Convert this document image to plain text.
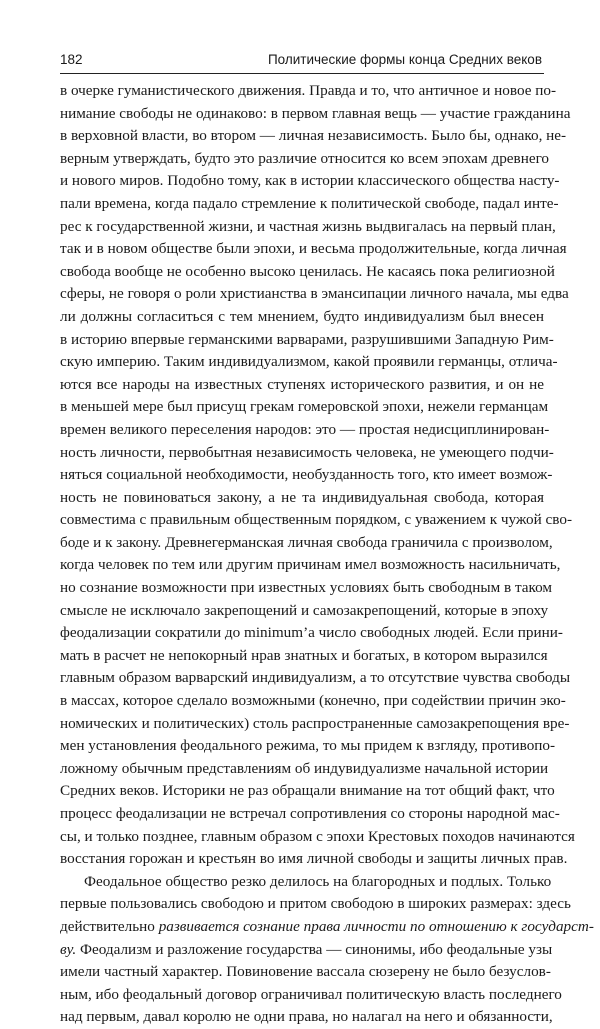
182	Политические формы конца Средних веков
в очерке гуманистического движения. Правда и то, что античное и новое по-
нимание свободы не одинаково: в первом главная вещь — участие гражданина
в верховной власти, во втором — личная независимость. Было бы, однако, не-
верным утверждать, будто это различие относится ко всем эпохам древнего
и нового миров. Подобно тому, как в истории классического общества насту-
пали времена, когда падало стремление к политической свободе, падал инте-
рес к государственной жизни, и частная жизнь выдвигалась на первый план,
так и в новом обществе были эпохи, и весьма продолжительные, когда личная
свобода вообще не особенно высоко ценилась. Не касаясь пока религиозной
сферы, не говоря о роли христианства в эмансипации личного начала, мы едва
ли должны согласиться с тем мнением, будто индивидуализм был внесен
в историю впервые германскими варварами, разрушившими Западную Рим-
скую империю. Таким индивидуализмом, какой проявили германцы, отлича-
ются все народы на известных ступенях исторического развития, и он не
в меньшей мере был присущ грекам гомеровской эпохи, нежели германцам
времен великого переселения народов: это — простая недисциплинирован-
ность личности, первобытная независимость человека, не умеющего подчи-
няться социальной необходимости, необузданность того, кто имеет возмож-
ность не повиноваться закону, а не та индивидуальная свобода, которая
совместима с правильным общественным порядком, с уважением к чужой сво-
боде и к закону. Древнегерманская личная свобода граничила с произволом,
когда человек по тем или другим причинам имел возможность насильничать,
но сознание возможности при известных условиях быть свободным в таком
смысле не исключало закрепощений и самозакрепощений, которые в эпоху
феодализации сократили до minimum’а число свободных людей. Если прини-
мать в расчет не непокорный нрав знатных и богатых, в котором выразился
главным образом варварский индивидуализм, а то отсутствие чувства свободы
в массах, которое сделало возможными (конечно, при содействии причин эко-
номических и политических) столь распространенные самозакрепощения вре-
мен установления феодального режима, то мы придем к взгляду, противопо-
ложному обычным представлениям об индувидуализме начальной истории
Средних веков. Историки не раз обращали внимание на тот общий факт, что
процесс феодализации не встречал сопротивления со стороны народной мас-
сы, и только позднее, главным образом с эпохи Крестовых походов начинаются
восстания горожан и крестьян во имя личной свободы и защиты личных прав.
Феодальное общество резко делилось на благородных и подлых. Только
первые пользовались свободою и притом свободою в широких размерах: здесь
действительно развивается сознание права личности по отношению к государст-
ву. Феодализм и разложение государства — синонимы, ибо феодальные узы
имели частный характер. Повиновение вассала сюзерену не было безуслов-
ным, ибо феодальный договор ограничивал политическую власть последнего
над первым, давал королю не одни права, но налагал на него и обязанности,
